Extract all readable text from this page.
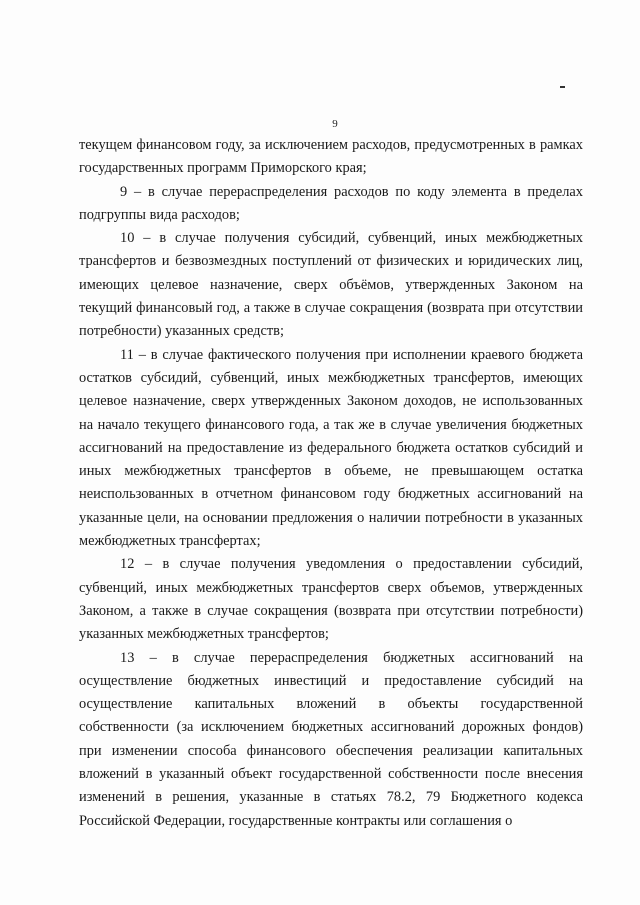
9

текущем финансовом году, за исключением расходов, предусмотренных в рамках государственных программ Приморского края;

9 – в случае перераспределения расходов по коду элемента в пределах подгруппы вида расходов;

10 – в случае получения субсидий, субвенций, иных межбюджетных трансфертов и безвозмездных поступлений от физических и юридических лиц, имеющих целевое назначение, сверх объёмов, утвержденных Законом на текущий финансовый год, а также в случае сокращения (возврата при отсутствии потребности) указанных средств;

11 – в случае фактического получения при исполнении краевого бюджета остатков субсидий, субвенций, иных межбюджетных трансфертов, имеющих целевое назначение, сверх утвержденных Законом доходов, не использованных на начало текущего финансового года, а так же в случае увеличения бюджетных ассигнований на предоставление из федерального бюджета остатков субсидий и иных межбюджетных трансфертов в объеме, не превышающем остатка неиспользованных в отчетном финансовом году бюджетных ассигнований на указанные цели, на основании предложения о наличии потребности в указанных межбюджетных трансфертах;

12 – в случае получения уведомления о предоставлении субсидий, субвенций, иных межбюджетных трансфертов сверх объемов, утвержденных Законом, а также в случае сокращения (возврата при отсутствии потребности) указанных межбюджетных трансфертов;

13 – в случае перераспределения бюджетных ассигнований на осуществление бюджетных инвестиций и предоставление субсидий на осуществление капитальных вложений в объекты государственной собственности (за исключением бюджетных ассигнований дорожных фондов) при изменении способа финансового обеспечения реализации капитальных вложений в указанный объект государственной собственности после внесения изменений в решения, указанные в статьях 78.2, 79 Бюджетного кодекса Российской Федерации, государственные контракты или соглашения о
